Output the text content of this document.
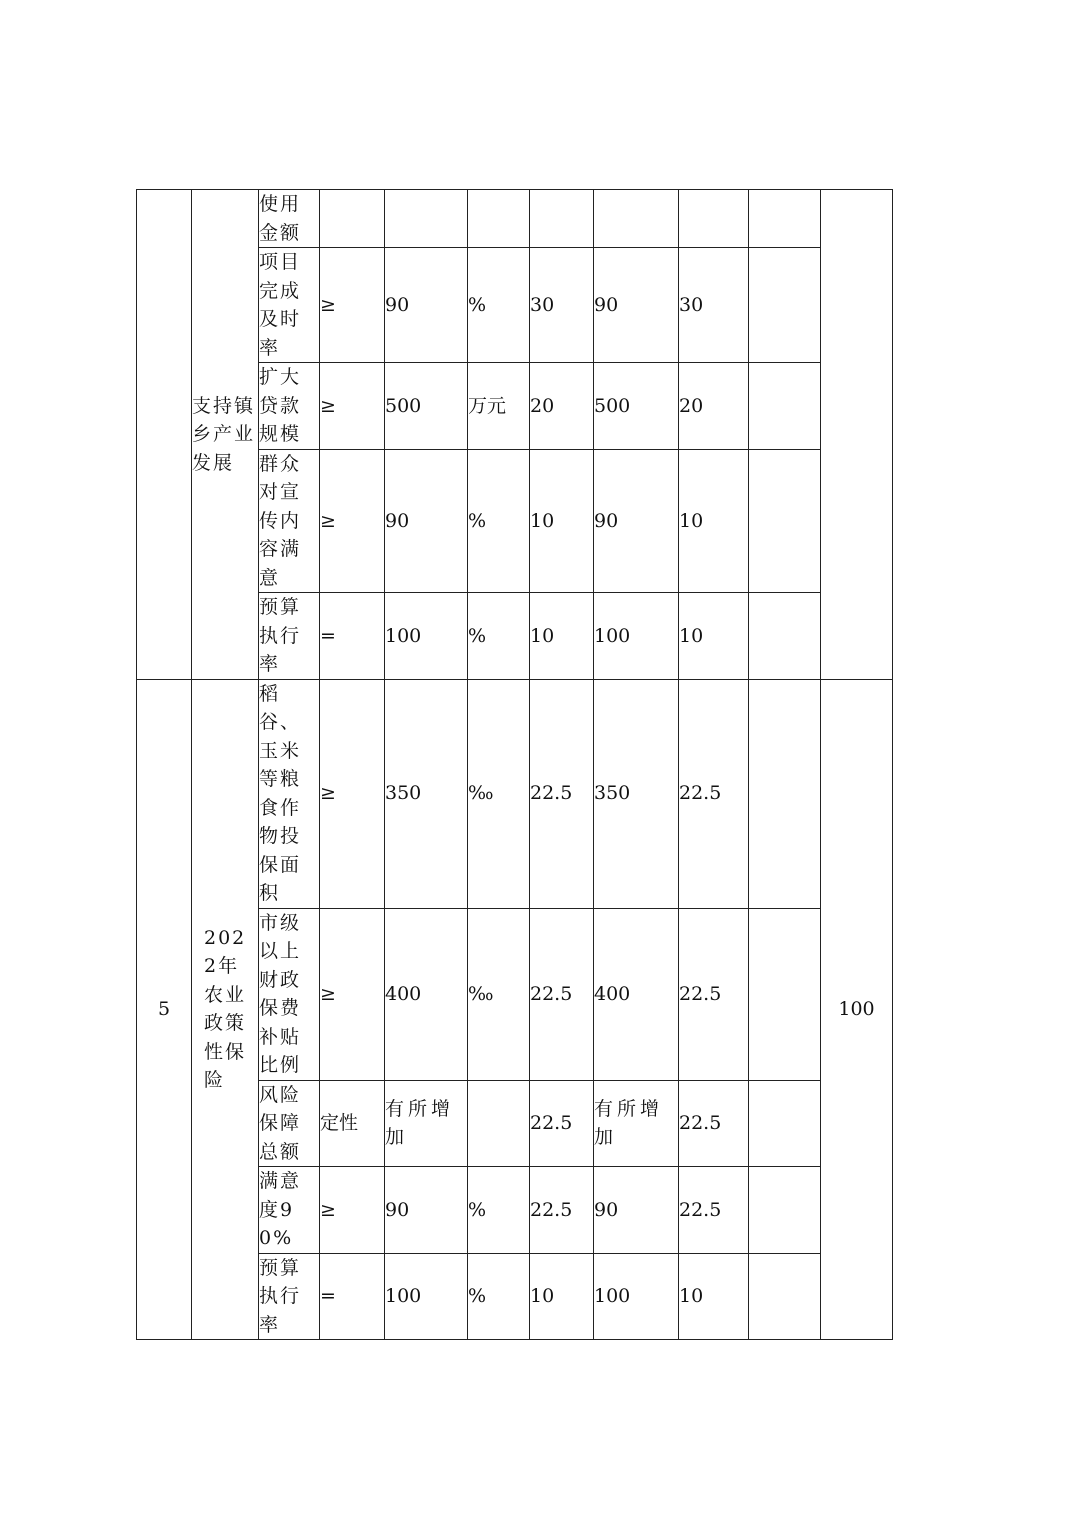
	支持镇乡产业发展	使用金额								
		项目完成及时率	≥	90	%	30	90	30		
		扩大贷款规模	≥	500	万元	20	500	20		
		群众对宣传内容满意	≥	90	%	10	90	10		
		预算执行率	=	100	%	10	100	10		
5	2022年农业政策性保险	稻谷、玉米等粮食作物投保面积	≥	350	‰	22.5	350	22.5		100
		市级以上财政保费补贴比例	≥	400	‰	22.5	400	22.5		
		风险保障总额	定性	有所增加		22.5	有所增加	22.5		
		满意度90%	≥	90	%	22.5	90	22.5		
		预算执行率	=	100	%	10	100	10		
